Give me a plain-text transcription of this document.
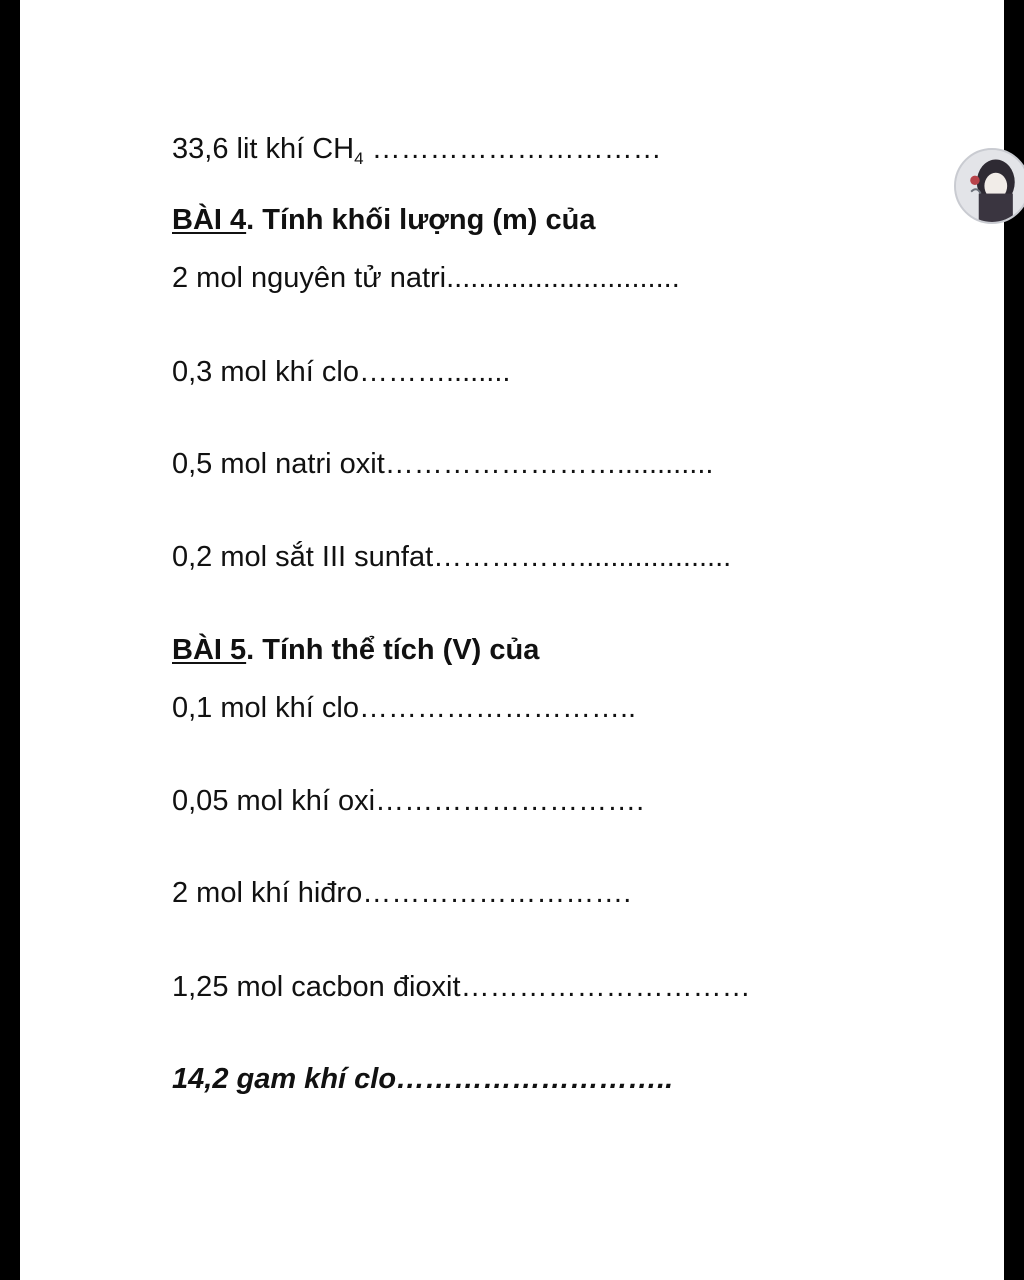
33,6 lit khí $CH_4$ …………………………
BÀI 4. Tính khối lượng (m) của
2 mol nguyên tử natri.............................
0,3 mol khí clo………........
0,5 mol natri oxit……………………............
0,2 mol sắt III sunfat……………...................
BÀI 5. Tính thể tích (V) của
0,1 mol khí clo………………………..
0,05 mol khí oxi……………………….
2 mol khí hiđro……………………….
1,25 mol cacbon đioxit…………………………
14,2 gam khí clo………………………..
